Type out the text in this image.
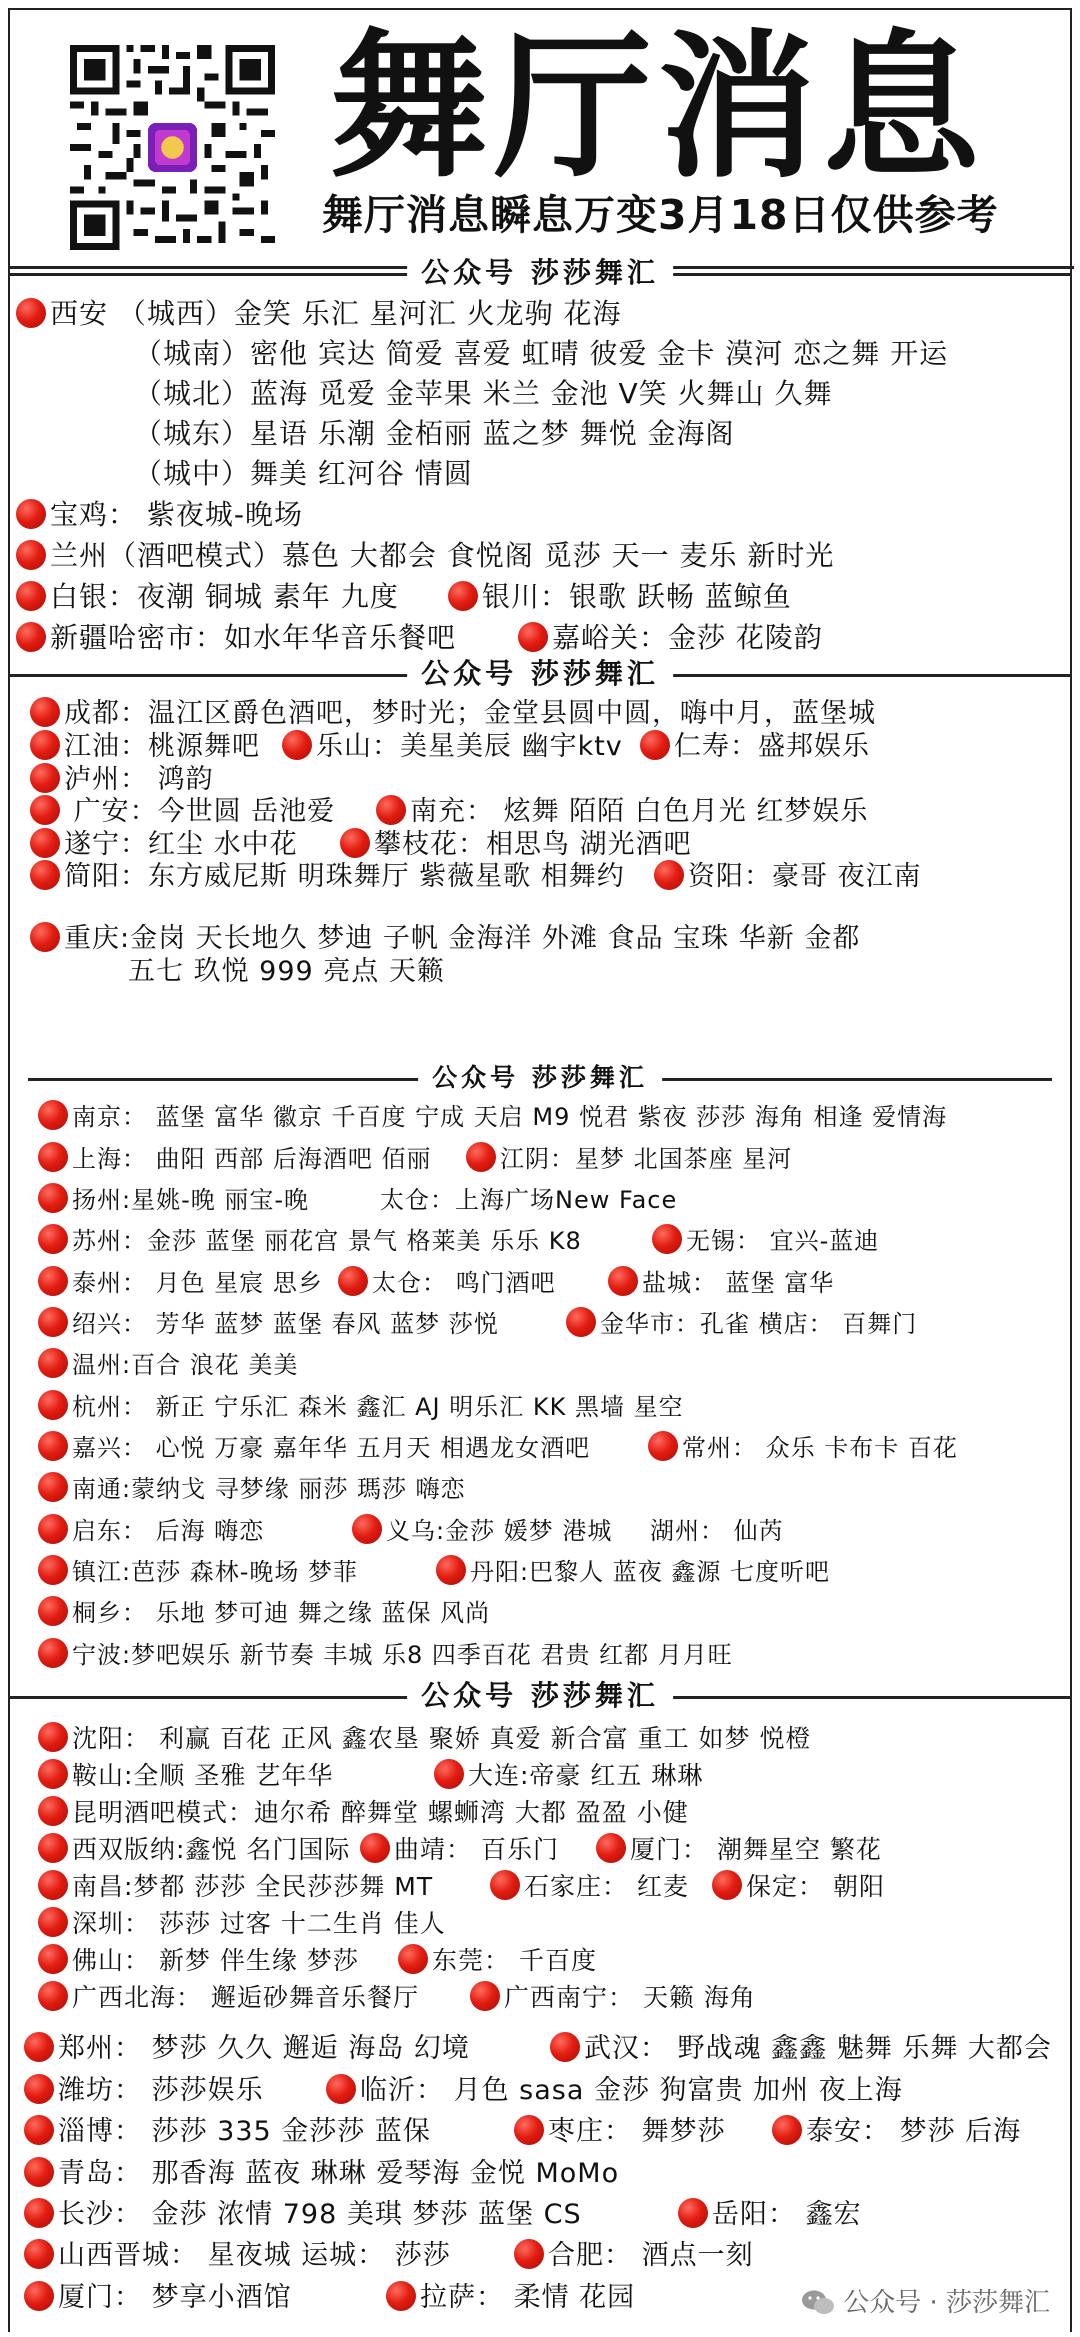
舞厅消息
舞厅消息瞬息万变3月18日仅供参考
公众号 莎莎舞汇
西安 （城西）金笑 乐汇 星河汇 火龙驹 花海
（城南）密他 宾达 简爱 喜爱 虹晴 彼爱 金卡 漠河 恋之舞 开运
（城北）蓝海 觅爱 金苹果 米兰 金池 V笑 火舞山 久舞
（城东）星语 乐潮 金栢丽 蓝之梦 舞悦 金海阁
（城中）舞美 红河谷 情圆
宝鸡： 紫夜城-晚场
兰州（酒吧模式）慕色 大都会 食悦阁 觅莎 天一 麦乐 新时光
白银：夜潮 铜城 素年 九度	银川：银歌 跃畅 蓝鲸鱼
新疆哈密市：如水年华音乐餐吧	嘉峪关：金莎 花陵韵
公众号 莎莎舞汇
成都：温江区爵色酒吧，梦时光；金堂县圆中圆，嗨中月，蓝堡城
江油：桃源舞吧	乐山：美星美辰 幽宇ktv	仁寿：盛邦娱乐
泸州： 鸿韵
广安：今世圆 岳池爱	南充： 炫舞 陌陌 白色月光 红梦娱乐
遂宁：红尘 水中花	攀枝花：相思鸟 湖光酒吧
简阳：东方威尼斯 明珠舞厅 紫薇星歌 相舞约	资阳：豪哥 夜江南
重庆:金岗 天长地久 梦迪 子帆 金海洋 外滩 食品 宝珠 华新 金都
五七 玖悦 999 亮点 天籁
公众号 莎莎舞汇
南京： 蓝堡 富华 徽京 千百度 宁成 天启 M9 悦君 紫夜 莎莎 海角 相逢 爱情海
上海： 曲阳 西部 后海酒吧 佰丽	江阴：星梦 北国茶座 星河
扬州:星姚-晚 丽宝-晚	太仓：上海广场New Face
苏州：金莎 蓝堡 丽花宫 景气 格莱美 乐乐 K8	无锡： 宜兴-蓝迪
泰州： 月色 星宸 思乡	太仓： 鸣门酒吧	盐城： 蓝堡 富华
绍兴： 芳华 蓝梦 蓝堡 春风 蓝梦 莎悦	金华市：孔雀 横店： 百舞门
温州:百合 浪花 美美
杭州： 新正 宁乐汇 森米 鑫汇 AJ 明乐汇 KK 黑墙 星空
嘉兴： 心悦 万豪 嘉年华 五月天 相遇龙女酒吧	常州： 众乐 卡布卡 百花
南通:蒙纳戈 寻梦缘 丽莎 瑪莎 嗨恋
启东： 后海 嗨恋	义乌:金莎 媛梦 港城 湖州： 仙芮
镇江:芭莎 森林-晚场 梦菲	丹阳:巴黎人 蓝夜 鑫源 七度听吧
桐乡： 乐地 梦可迪 舞之缘 蓝保 风尚
宁波:梦吧娱乐 新节奏 丰城 乐8 四季百花 君贵 红都 月月旺
公众号 莎莎舞汇
沈阳： 利赢 百花 正风 鑫农垦 聚娇 真爱 新合富 重工 如梦 悦橙
鞍山:全顺 圣雅 艺年华	大连:帝豪 红五 琳琳
昆明酒吧模式：迪尔希 醉舞堂 螺蛳湾 大都 盈盈 小健
西双版纳:鑫悦 名门国际	曲靖： 百乐门	厦门： 潮舞星空 繁花
南昌:梦都 莎莎 全民莎莎舞 MT	石家庄： 红麦	保定： 朝阳
深圳： 莎莎 过客 十二生肖 佳人
佛山： 新梦 伴生缘 梦莎	东莞： 千百度
广西北海： 邂逅砂舞音乐餐厅	广西南宁： 天籁 海角
郑州： 梦莎 久久 邂逅 海岛 幻境	武汉： 野战魂 鑫鑫 魅舞 乐舞 大都会
潍坊： 莎莎娱乐	临沂： 月色 sasa 金莎 狗富贵 加州 夜上海
淄博： 莎莎 335 金莎莎 蓝保	枣庄： 舞梦莎	泰安： 梦莎 后海
青岛： 那香海 蓝夜 琳琳 爱琴海 金悦 MoMo
长沙： 金莎 浓情 798 美琪 梦莎 蓝堡 CS	岳阳： 鑫宏
山西晋城： 星夜城 运城： 莎莎	合肥： 酒点一刻
厦门： 梦享小酒馆	拉萨： 柔情 花园	公众号 · 莎莎舞汇
